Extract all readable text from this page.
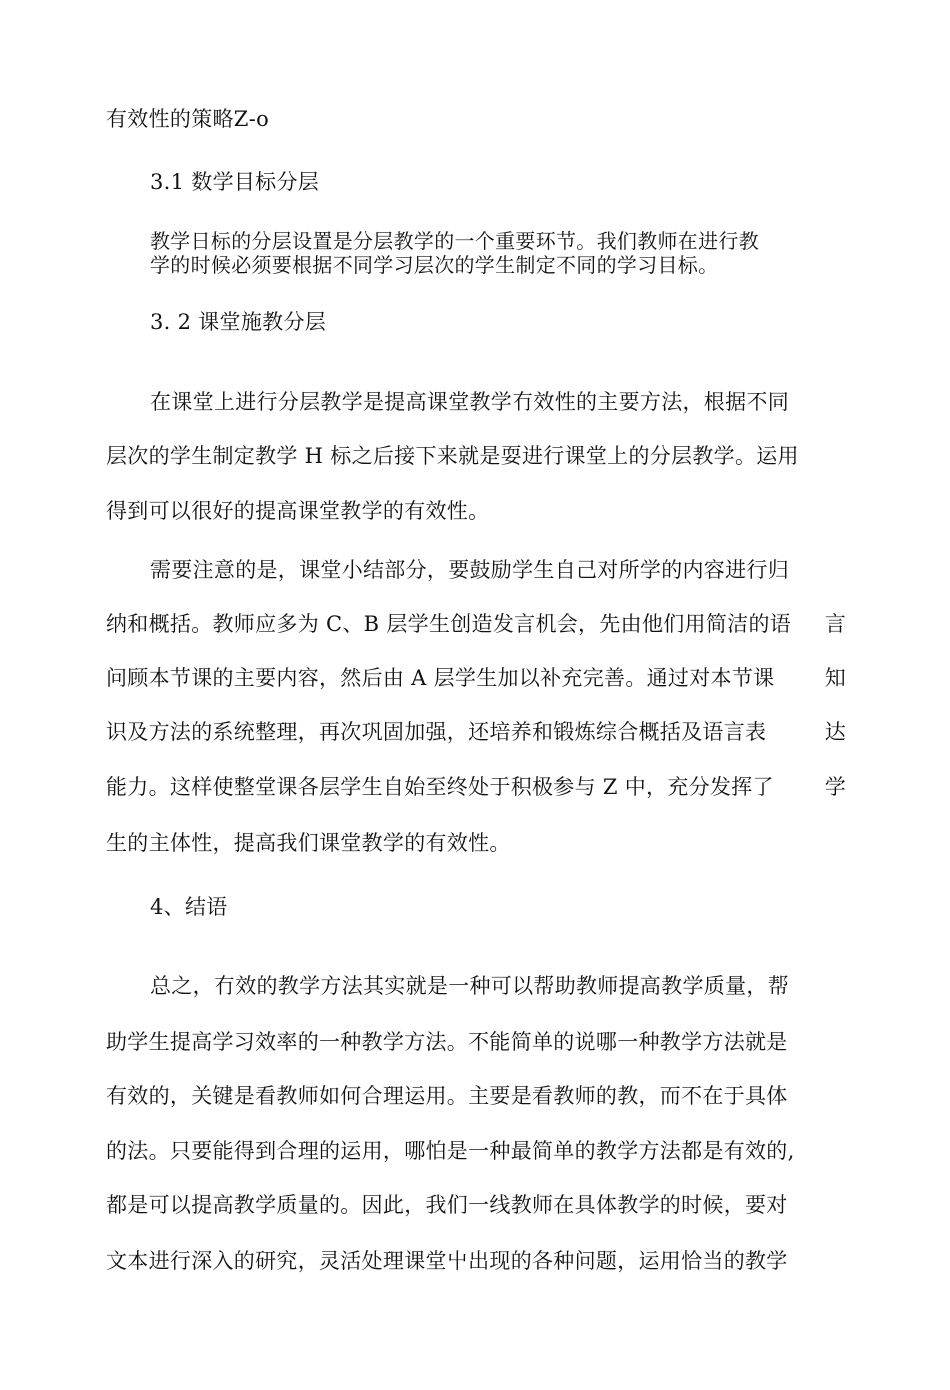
有效性的策略Z-o
3.1 数学目标分层
教学日标的分层设置是分层教学的一个重要环节。我们教师在进行教
学的时候必须要根据不同学习层次的学生制定不同的学习目标。
3. 2 课堂施教分层
在课堂上进行分层教学是提高课堂教学冇效性的主要方法，根据不同
层次的学生制定教学 H 标之后接下来就是耍进行课堂上的分层教学。运用
得到可以很好的提高课堂教学的有效性。
需要注意的是，课堂小结部分，要鼓励学生自己对所学的内容进行归
纳和概括。教师应多为 C、B 层学生创造发言机会，先由他们用简洁的语 言
问顾本节课的主要内容，然后由 A 层学生加以补充完善。通过对本节课 知
识及方法的系统整理，再次巩固加强，还培养和锻炼综合概括及语言表	达
能力。这样使整堂课各层学生自始至终处于积极参与 Z 中，充分发挥了 学
生的主体性，提高我们课堂教学的有效性。
4、结语
总之，冇效的教学方法其实就是一种可以帮助教师提高教学质量，帮
助学生提高学习效率的一种教学方法。不能简单的说哪一种教学方法就是
有效的，关键是看教师如何合理运用。主要是看教师的教，而不在于具体
的法。只要能得到合理的运用，哪怕是一种最简单的教学方法都是有效的,
都是可以提高教学质量的。因此，我们一线教师在具体教学的时候，要对
文本进行深入的研究，灵活处理课堂屮出现的各种问题，运用恰当的教学
